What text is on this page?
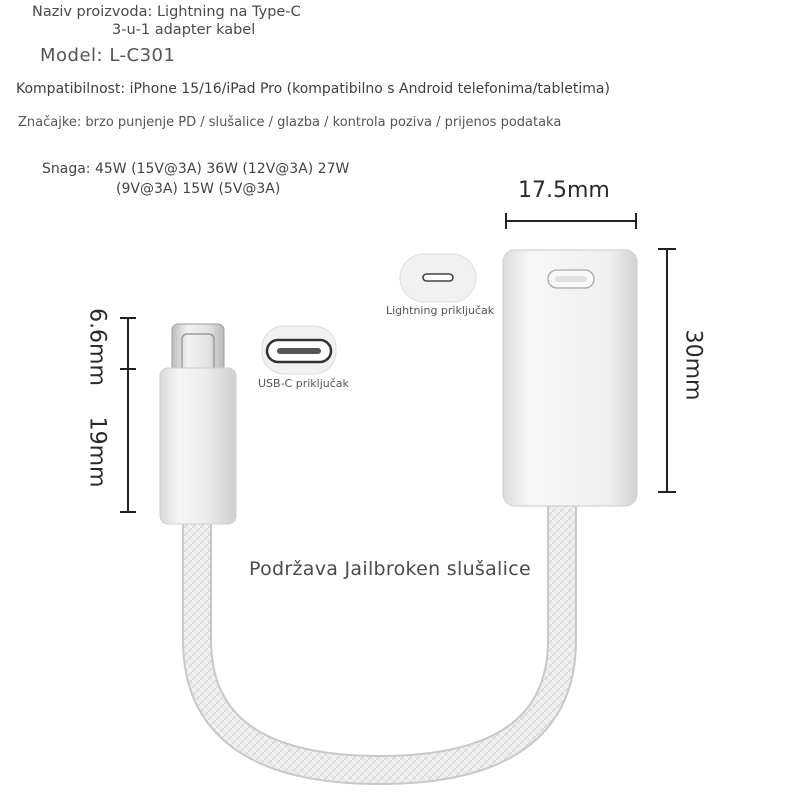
Naziv proizvoda: Lightning na Type-C
3-u-1 adapter kabel
Model: L-C301
Kompatibilnost: iPhone 15/16/iPad Pro (kompatibilno s Android telefonima/tabletima)
Značajke: brzo punjenje PD / slušalice / glazba / kontrola poziva / prijenos podataka
Snaga: 45W (15V@3A) 36W (12V@3A) 27W
(9V@3A) 15W (5V@3A)	17.5mm
30mm
6.6mm
19mm
USB-C priključak
Lightning priključak
Podržava Jailbroken slušalice
